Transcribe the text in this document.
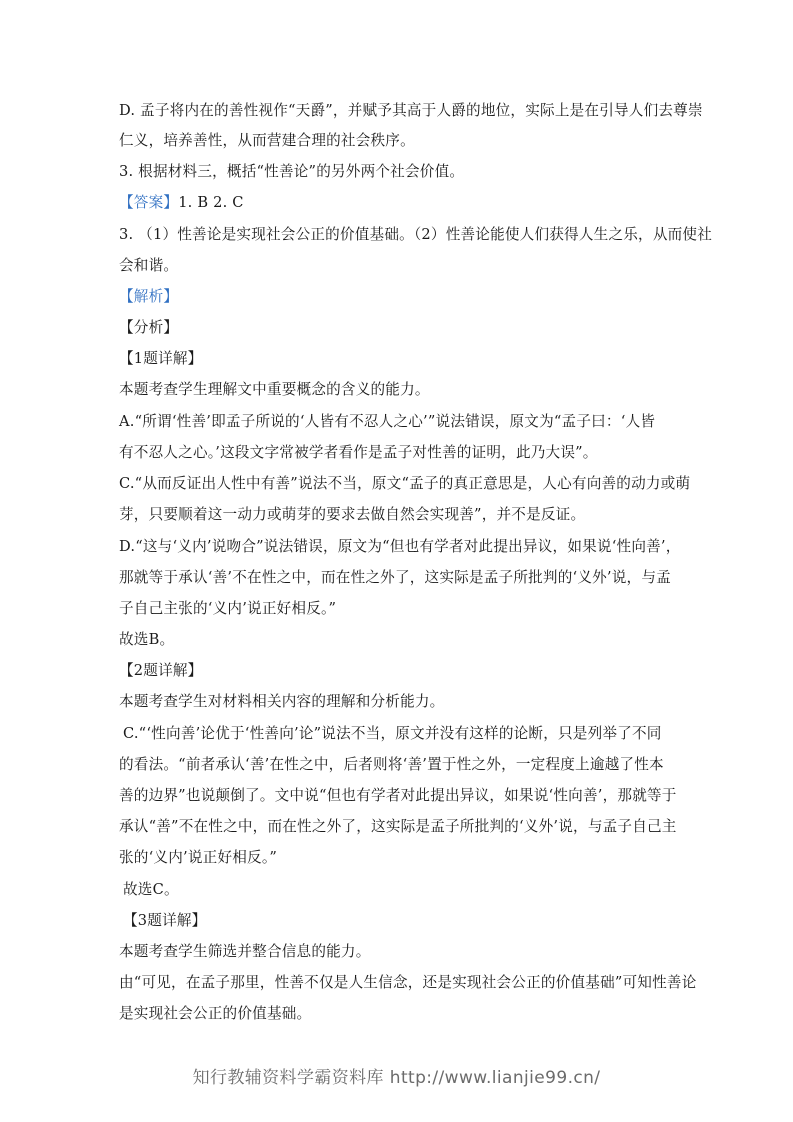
D. 孟子将内在的善性视作“天爵”，并赋予其高于人爵的地位，实际上是在引导人们去尊崇
仁义，培养善性，从而营建合理的社会秩序。
3. 根据材料三，概括“性善论”的另外两个社会价值。
【答案】1. B 2. C
3. （1）性善论是实现社会公正的价值基础。（2）性善论能使人们获得人生之乐，从而使社
会和谐。
【解析】
【分析】
【1题详解】
本题考查学生理解文中重要概念的含义的能力。
A.“所谓‘性善’即孟子所说的‘人皆有不忍人之心’”说法错误，原文为“孟子曰：‘人皆
有不忍人之心。’这段文字常被学者看作是孟子对性善的证明，此乃大误”。
C.“从而反证出人性中有善”说法不当，原文“孟子的真正意思是，人心有向善的动力或萌
芽，只要顺着这一动力或萌芽的要求去做自然会实现善”，并不是反证。
D.“这与‘义内’说吻合”说法错误，原文为“但也有学者对此提出异议，如果说‘性向善’，
那就等于承认‘善’不在性之中，而在性之外了，这实际是孟子所批判的‘义外’说，与孟
子自己主张的‘义内’说正好相反。”
故选B。
【2题详解】
本题考查学生对材料相关内容的理解和分析能力。
C.“‘性向善’论优于‘性善向’论”说法不当，原文并没有这样的论断，只是列举了不同
的看法。“前者承认‘善’在性之中，后者则将‘善’置于性之外，一定程度上逾越了性本
善的边界”也说颠倒了。文中说“但也有学者对此提出异议，如果说‘性向善’，那就等于
承认“善”不在性之中，而在性之外了，这实际是孟子所批判的‘义外’说，与孟子自己主
张的‘义内’说正好相反。”
故选C。
【3题详解】
本题考查学生筛选并整合信息的能力。
由“可见，在孟子那里，性善不仅是人生信念，还是实现社会公正的价值基础”可知性善论
是实现社会公正的价值基础。
知行教辅资料学霸资料库 http://www.lianjie99.cn/
